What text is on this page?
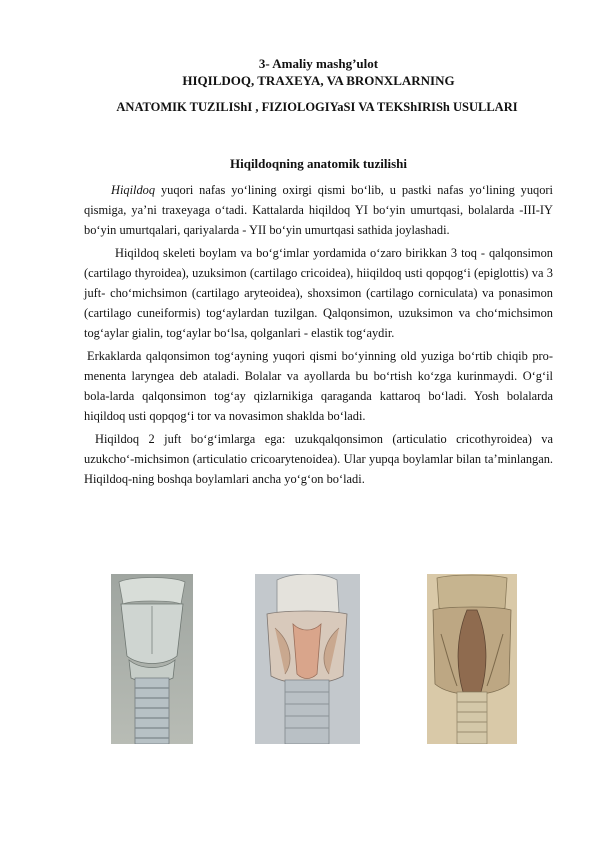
3- Amaliy mashg’ulot
HIQILDOQ, TRAXEYA, VA BRONXLARNING
ANATOMIK TUZILIShI , FIZIOLOGIYaSI VA TEKShIRISh USULLARI
Hiqildoqning anatomik tuzilishi

Hiqildoq yuqori nafas yo‘lining oxirgi qismi bo‘lib, u pastki nafas yo‘lining yuqori qismiga, ya’ni traxeyaga o‘tadi. Kattalarda hiqildoq YI bo‘yin umurtqasi, bolalarda -III-IY bo‘yin umurtqalari, qariyalarda - YII bo‘yin umurtqasi sathida joylashadi.

Hiqildoq skeleti boylam va bo‘g‘imlar yordamida o‘zaro birikkan 3 toq - qalqonsimon (cartilago thyroidea), uzuksimon (cartilago cricoidea), hiiqildoq usti qopqog‘i (epiglottis) va 3 juft- cho‘michsimon (cartilago aryteoidea), shoxsimon (cartilago corniculata) va ponasimon (cartilago cuneiformis) tog‘aylardan tuzilgan. Qalqonsimon, uzuksimon va cho‘michsimon tog‘aylar gialin, tog‘aylar bo‘lsa, qolganlari - elastik tog‘aydir.

Erkaklarda qalqonsimon tog‘ayning yuqori qismi bo‘yinning old yuziga bo‘rtib chiqib pro-menenta laryngea deb ataladi. Bolalar va ayollarda bu bo‘rtish ko‘zga kurinmaydi. O‘g‘il bola-larda qalqonsimon tog‘ay qizlarnikiga qaraganda kattaroq bo‘ladi. Yosh bolalarda hiqildoq usti qopqog‘i tor va novasimon shaklda bo‘ladi.

Hiqildoq 2 juft bo‘g‘imlarga ega: uzukqalqonsimon (articulatio cricothyroidea) va uzukcho‘-michsimon (articulatio cricoarytenoidea). Ular yupqa boylamlar bilan ta’minlangan. Hiqildoq-ning boshqa boylamlari ancha yo‘g‘on bo‘ladi.
